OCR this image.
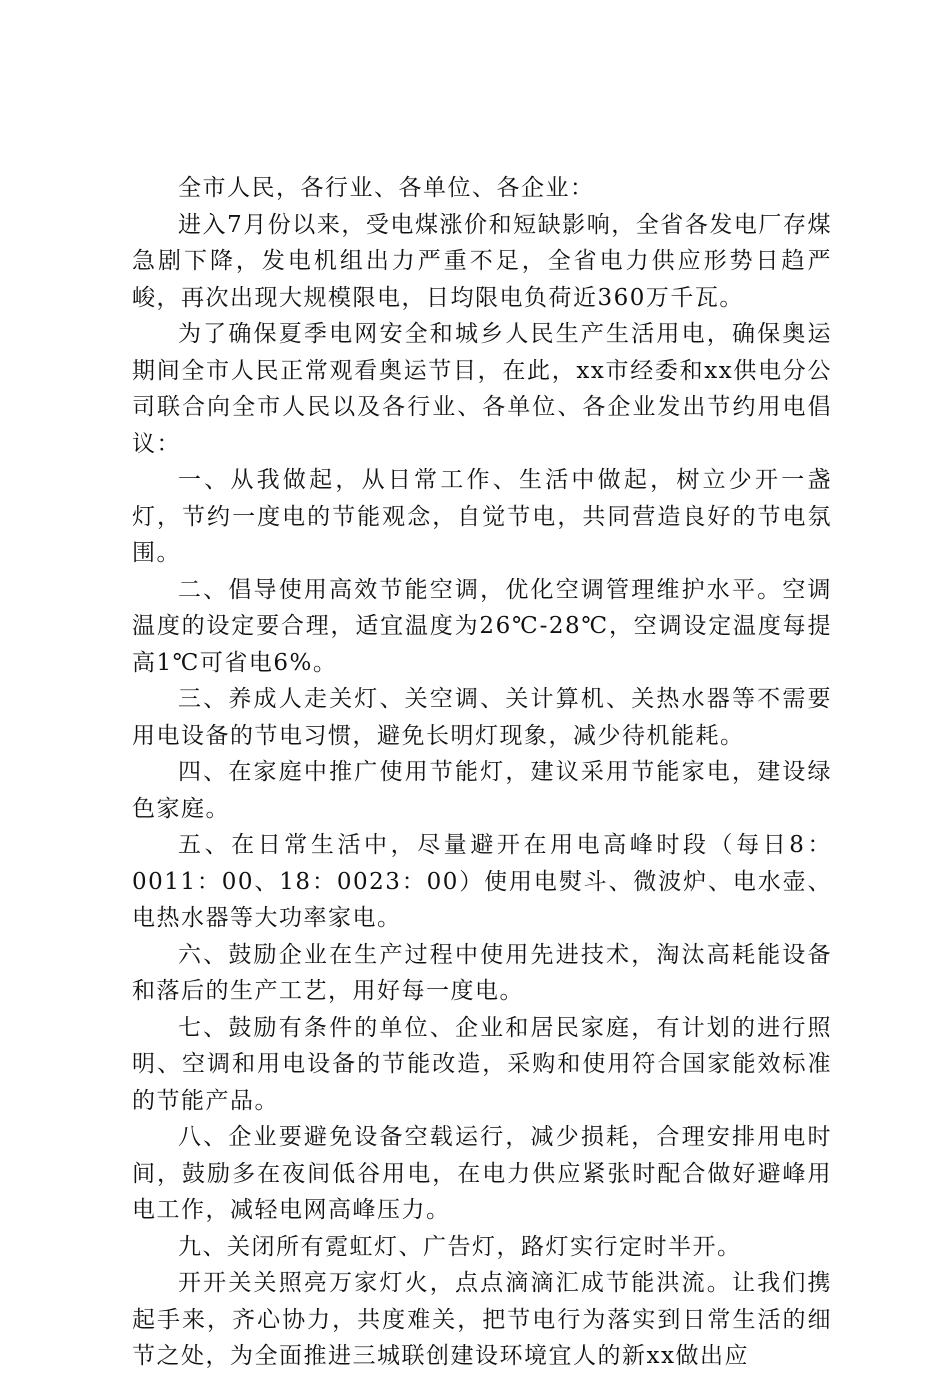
全市人民，各行业、各单位、各企业：

进入7月份以来，受电煤涨价和短缺影响，全省各发电厂存煤急剧下降，发电机组出力严重不足，全省电力供应形势日趋严峻，再次出现大规模限电，日均限电负荷近360万千瓦。

为了确保夏季电网安全和城乡人民生产生活用电，确保奥运期间全市人民正常观看奥运节目，在此，xx市经委和xx供电分公司联合向全市人民以及各行业、各单位、各企业发出节约用电倡议：

一、从我做起，从日常工作、生活中做起，树立少开一盏灯，节约一度电的节能观念，自觉节电，共同营造良好的节电氛围。

二、倡导使用高效节能空调，优化空调管理维护水平。空调温度的设定要合理，适宜温度为26℃-28℃，空调设定温度每提高1℃可省电6%。

三、养成人走关灯、关空调、关计算机、关热水器等不需要用电设备的节电习惯，避免长明灯现象，减少待机能耗。

四、在家庭中推广使用节能灯，建议采用节能家电，建设绿色家庭。

五、在日常生活中，尽量避开在用电高峰时段（每日8：0011：00、18：0023：00）使用电熨斗、微波炉、电水壶、电热水器等大功率家电。

六、鼓励企业在生产过程中使用先进技术，淘汰高耗能设备和落后的生产工艺，用好每一度电。

七、鼓励有条件的单位、企业和居民家庭，有计划的进行照明、空调和用电设备的节能改造，采购和使用符合国家能效标准的节能产品。

八、企业要避免设备空载运行，减少损耗，合理安排用电时间，鼓励多在夜间低谷用电，在电力供应紧张时配合做好避峰用电工作，减轻电网高峰压力。

九、关闭所有霓虹灯、广告灯，路灯实行定时半开。

开开关关照亮万家灯火，点点滴滴汇成节能洪流。让我们携起手来，齐心协力，共度难关，把节电行为落实到日常生活的细节之处，为全面推进三城联创建设环境宜人的新xx做出应
